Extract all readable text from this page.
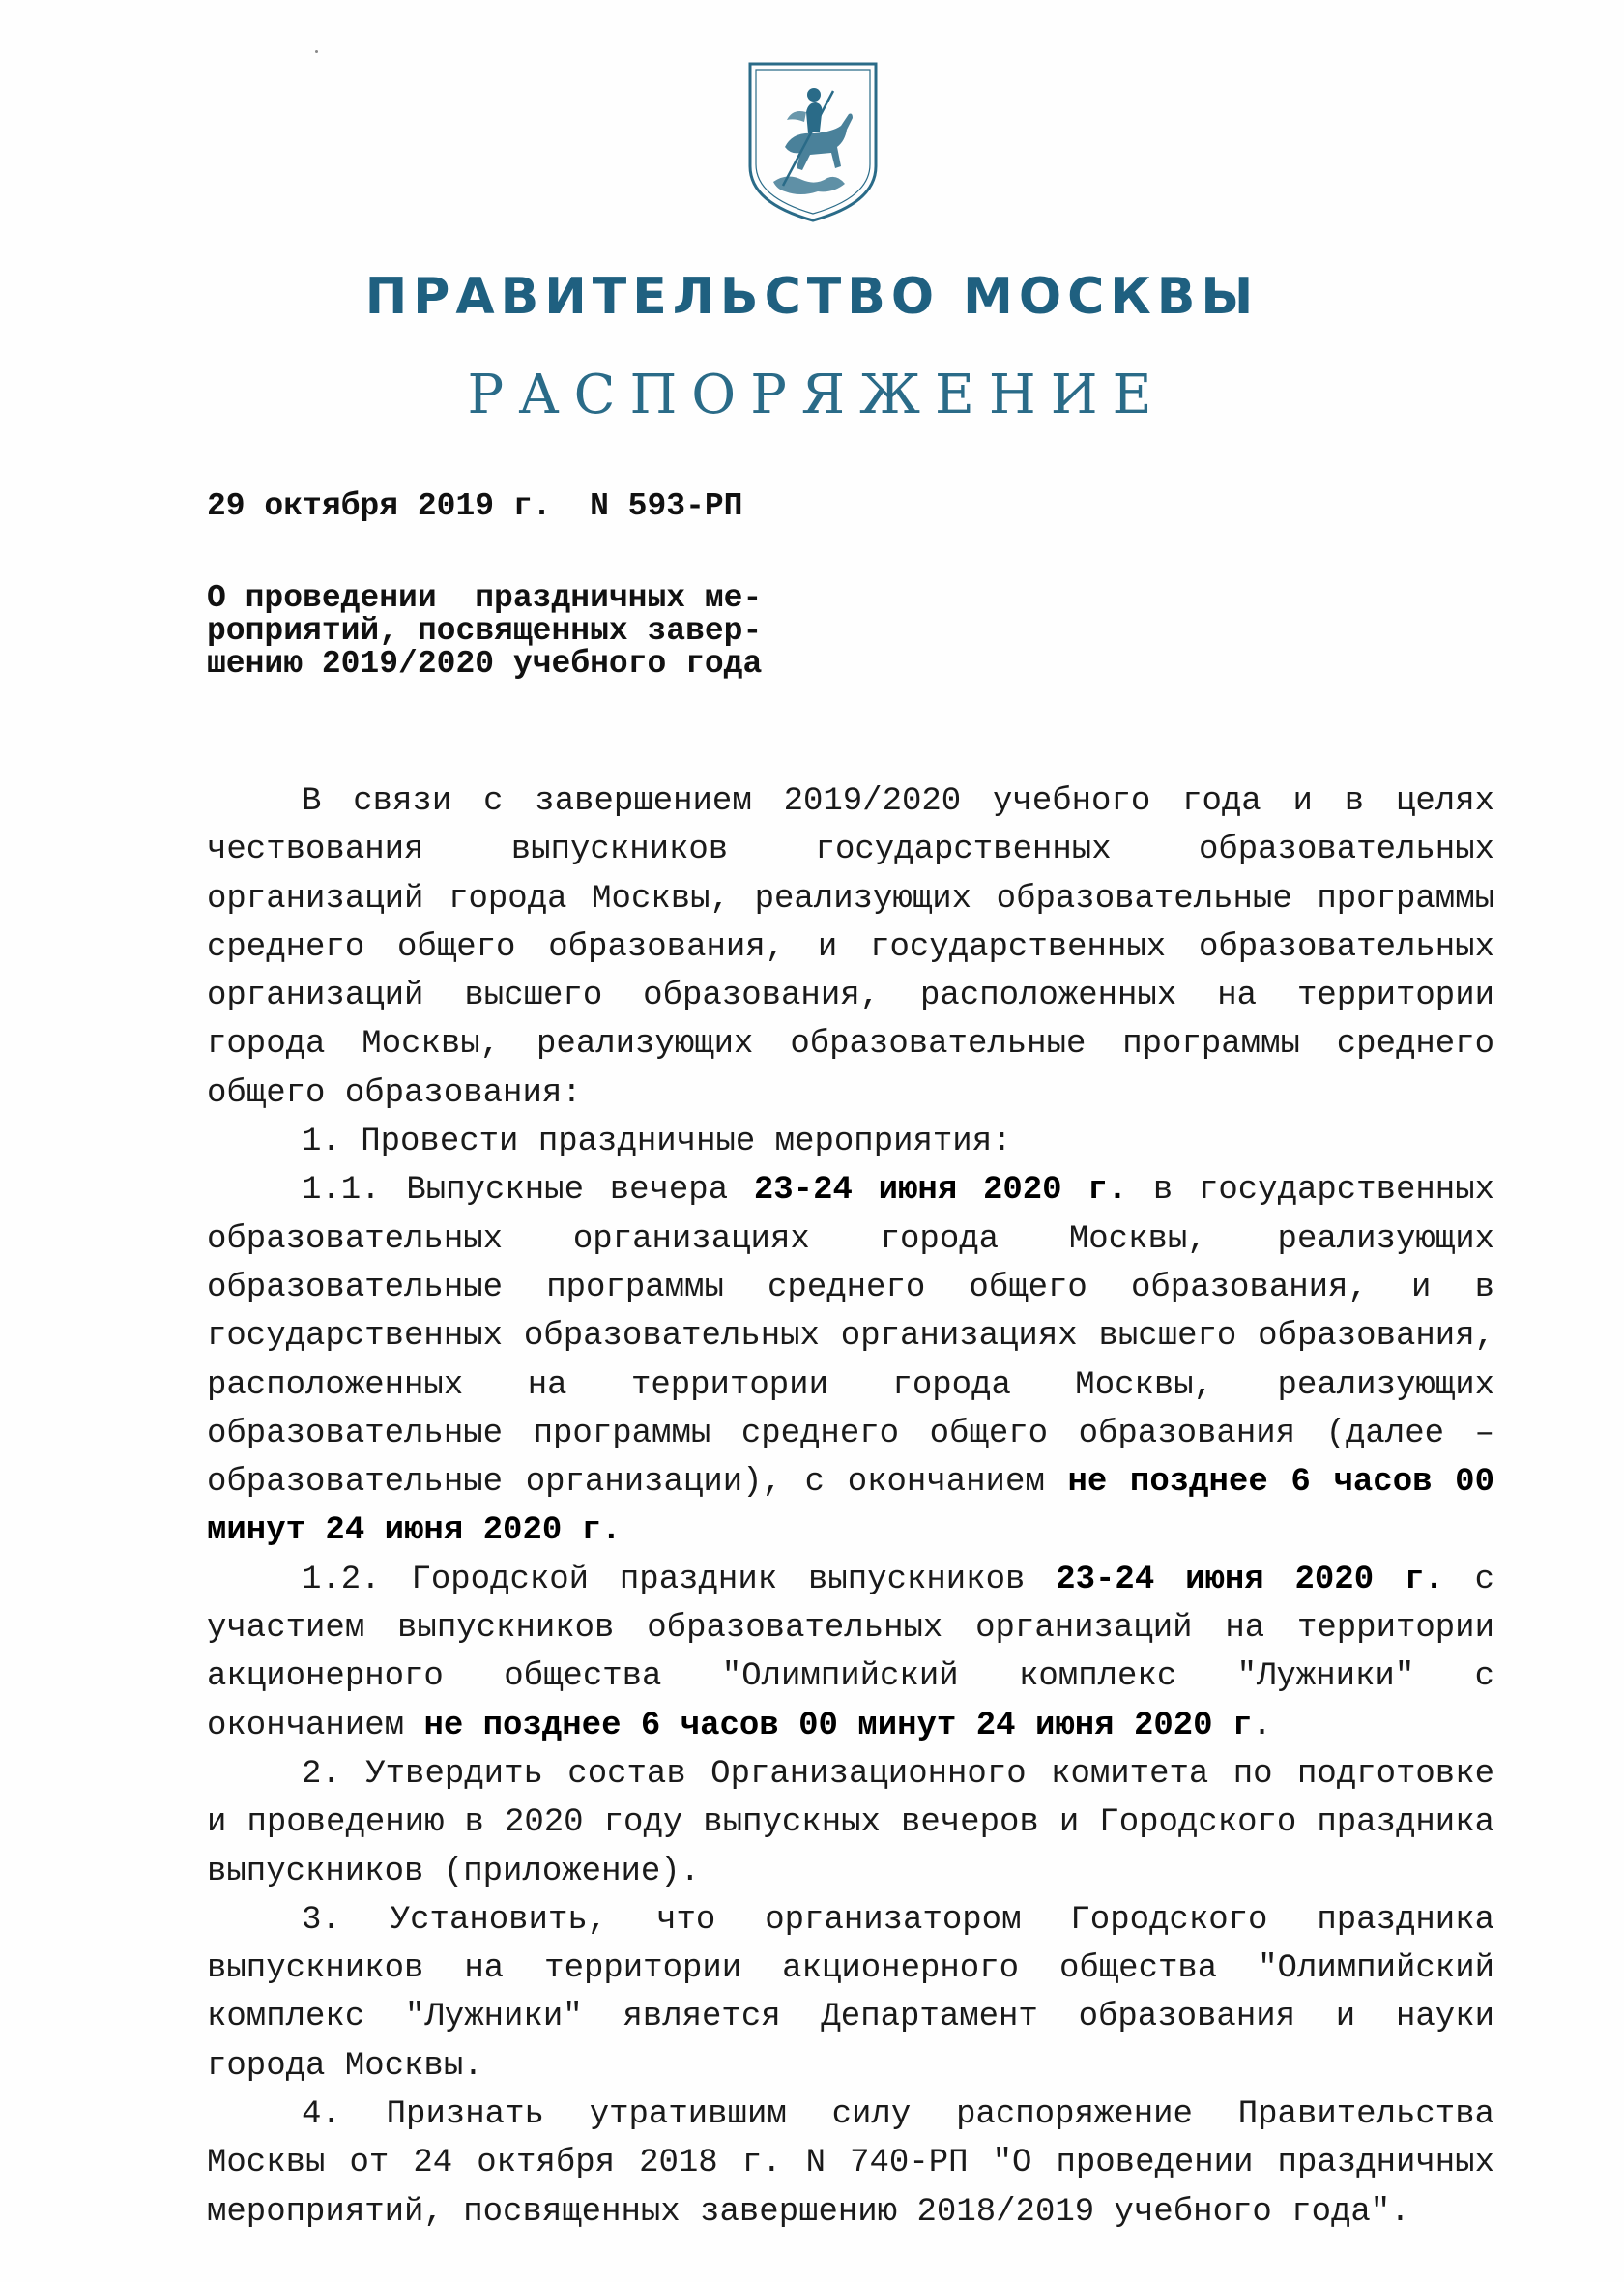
ПРАВИТЕЛЬСТВО МОСКВЫ
РАСПОРЯЖЕНИЕ
29 октября 2019 г.  N 593-РП
О проведении  праздничных ме-
роприятий, посвященных завер-
шению 2019/2020 учебного года
В связи с завершением 2019/2020 учебного года и в целях чествования выпускников государственных образовательных организаций города Москвы, реализующих образовательные программы среднего общего образования, и государственных образовательных организаций высшего образования, расположенных на территории города Москвы, реализующих образовательные программы среднего общего образования:
1. Провести праздничные мероприятия:
1.1. Выпускные вечера 23-24 июня 2020 г. в государственных образовательных организациях города Москвы, реализующих образовательные программы среднего общего образования, и в государственных образовательных организациях высшего образования, расположенных на территории города Москвы, реализующих образовательные программы среднего общего образования (далее – образовательные организации), с окончанием не позднее 6 часов 00 минут 24 июня 2020 г.
1.2. Городской праздник выпускников 23-24 июня 2020 г. с участием выпускников образовательных организаций на территории акционерного общества "Олимпийский комплекс "Лужники" с окончанием не позднее 6 часов 00 минут 24 июня 2020 г.
2. Утвердить состав Организационного комитета по подготовке и проведению в 2020 году выпускных вечеров и Городского праздника выпускников (приложение).
3. Установить, что организатором Городского праздника выпускников на территории акционерного общества "Олимпийский комплекс "Лужники" является Департамент образования и науки города Москвы.
4. Признать утратившим силу распоряжение Правительства Москвы от 24 октября 2018 г. N 740-РП "О проведении праздничных мероприятий, посвященных завершению 2018/2019 учебного года".
